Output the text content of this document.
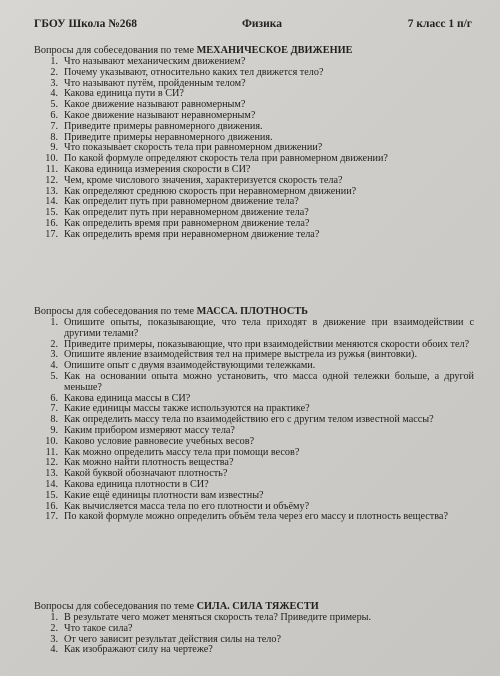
ГБОУ Школа №268	Физика	7 класс 1 п/г
Вопросы для собеседования по теме МЕХАНИЧЕСКОЕ ДВИЖЕНИЕ
1. Что называют механическим движением?
2. Почему указывают, относительно каких тел движется тело?
3. Что называют путём, пройденным телом?
4. Какова единица пути в СИ?
5. Какое движение называют равномерным?
6. Какое движение называют неравномерным?
7. Приведите примеры равномерного движения.
8. Приведите примеры неравномерного движения.
9. Что показывает скорость тела при равномерном движении?
10. По какой формуле определяют скорость тела при равномерном движении?
11. Какова единица измерения скорости в СИ?
12. Чем, кроме числового значения, характеризуется скорость тела?
13. Как определяют среднюю скорость при неравномерном движении?
14. Как определит путь при равномерном движение тела?
15. Как определит путь при неравномерном движение тела?
16. Как определить время при равномерном движение тела?
17. Как определить время при неравномерном движение тела?
Вопросы для собеседования по теме МАССА. ПЛОТНОСТЬ
1. Опишите опыты, показывающие, что тела приходят в движение при взаимодействии с другими телами?
2. Приведите примеры, показывающие, что при взаимодействии меняются скорости обоих тел?
3. Опишите явление взаимодействия тел на примере выстрела из ружья (винтовки).
4. Опишите опыт с двумя взаимодействующими тележками.
5. Как на основании опыта можно установить, что масса одной тележки больше, а другой меньше?
6. Какова единица массы в СИ?
7. Какие единицы массы также используются на практике?
8. Как определить массу тела по взаимодействию его с другим телом известной массы?
9. Каким прибором измеряют массу тела?
10. Каково условие равновесие учебных весов?
11. Как можно определить массу тела при помощи весов?
12. Как можно найти плотность вещества?
13. Какой буквой обозначают плотность?
14. Какова единица плотности в СИ?
15. Какие ещё единицы плотности вам известны?
16. Как вычисляется масса тела по его плотности и объёму?
17. По какой формуле можно определить объём тела через его массу и плотность вещества?
Вопросы для собеседования по теме СИЛА. СИЛА ТЯЖЕСТИ
1. В результате чего может меняться скорость тела? Приведите примеры.
2. Что такое сила?
3. От чего зависит результат действия силы на тело?
4. Как изображают силу на чертеже?
